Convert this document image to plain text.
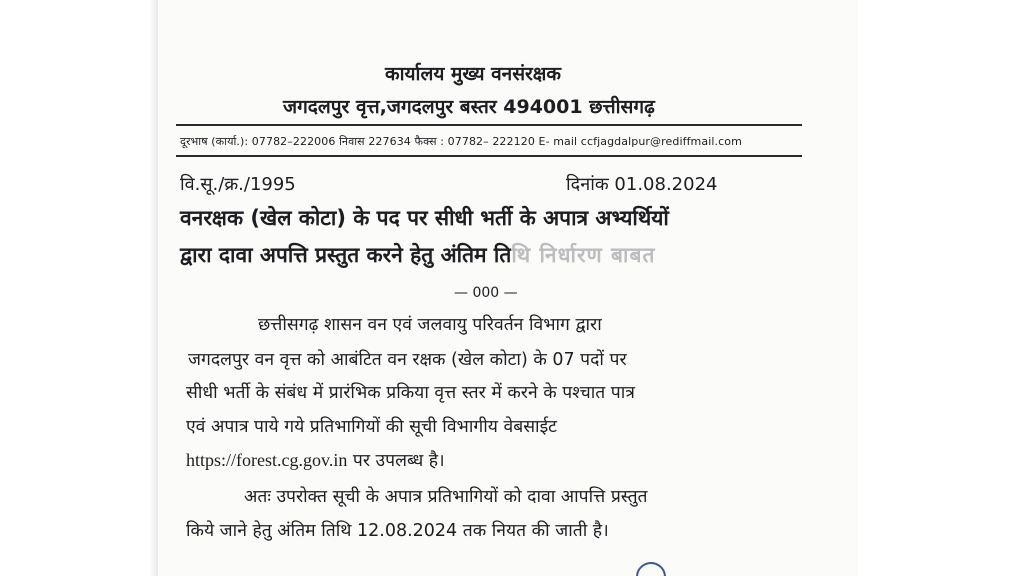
कार्यालय मुख्य वनसंरक्षक
जगदलपुर वृत्त,जगदलपुर बस्तर 494001 छत्तीसगढ़
दूरभाष (कार्या.): 07782–222006 निवास 227634 फैक्स : 07782– 222120 E- mail ccfjagdalpur@rediffmail.com
वि.सू./क्र./1995	दिनांक 01.08.2024
वनरक्षक (खेल कोटा) के पद पर सीधी भर्ती के अपात्र अभ्यर्थियों
द्वारा दावा अपत्ति प्रस्तुत करने हेतु अंतिम तिथि निर्धारण बाबत
— 000 —
छत्तीसगढ़ शासन वन एवं जलवायु परिवर्तन विभाग द्वारा
जगदलपुर वन वृत्त को आबंटित वन रक्षक (खेल कोटा) के 07 पदों पर
सीधी भर्ती के संबंध में प्रारंभिक प्रकिया वृत्त स्तर में करने के पश्चात पात्र
एवं अपात्र पाये गये प्रतिभागियों की सूची विभागीय वेबसाईट
https://forest.cg.gov.in पर उपलब्ध है।
अतः उपरोक्त सूची के अपात्र प्रतिभागियों को दावा आपत्ति प्रस्तुत
किये जाने हेतु अंतिम तिथि 12.08.2024 तक नियत की जाती है।
